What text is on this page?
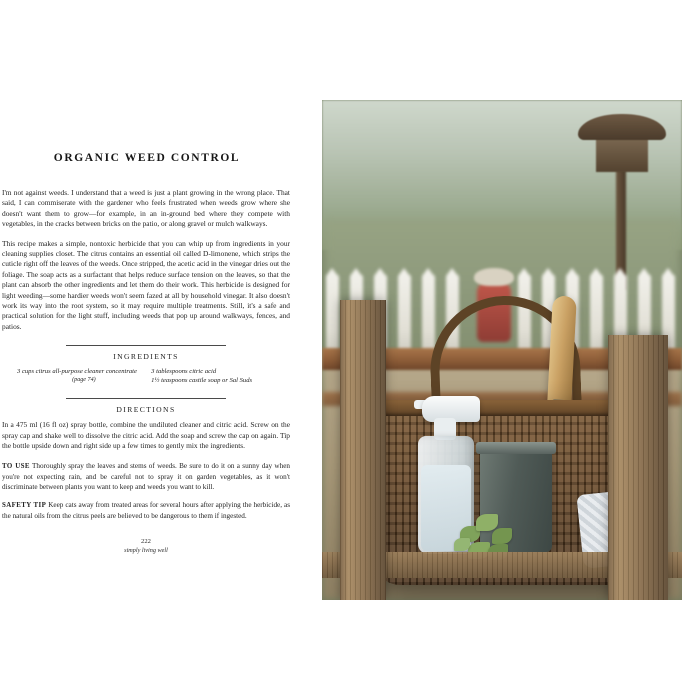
ORGANIC WEED CONTROL

I'm not against weeds. I understand that a weed is just a plant growing in the wrong place. That said, I can commiserate with the gardener who feels frustrated when weeds grow where she doesn't want them to grow—for example, in an in-ground bed where they compete with vegetables, in the cracks between bricks on the patio, or along gravel or mulch walkways.

This recipe makes a simple, nontoxic herbicide that you can whip up from ingredients in your cleaning supplies closet. The citrus contains an essential oil called D-limonene, which strips the cuticle right off the leaves of the weeds. Once stripped, the acetic acid in the vinegar dries out the foliage. The soap acts as a surfactant that helps reduce surface tension on the leaves, so that the plant can absorb the other ingredients and let them do their work. This herbicide is designed for light weeding—some hardier weeds won't seem fazed at all by household vinegar. It also doesn't work its way into the root system, so it may require multiple treatments. Still, it's a safe and practical solution for the light stuff, including weeds that pop up around walkways, fences, and patios.

INGREDIENTS
3 cups citrus all-purpose cleaner concentrate
(page 74)
3 tablespoons citric acid
1½ teaspoons castile soap or Sal Suds
DIRECTIONS

In a 475 ml (16 fl oz) spray bottle, combine the undiluted cleaner and citric acid. Screw on the spray cap and shake well to dissolve the citric acid. Add the soap and screw the cap on again. Tip the bottle upside down and right side up a few times to gently mix the ingredients.

TO USE Thoroughly spray the leaves and stems of weeds. Be sure to do it on a sunny day when you're not expecting rain, and be careful not to spray it on garden vegetables, as it won't discriminate between plants you want to keep and weeds you want to kill.

SAFETY TIP Keep cats away from treated areas for several hours after applying the herbicide, as the natural oils from the citrus peels are believed to be dangerous to them if ingested.

222
simply living well
